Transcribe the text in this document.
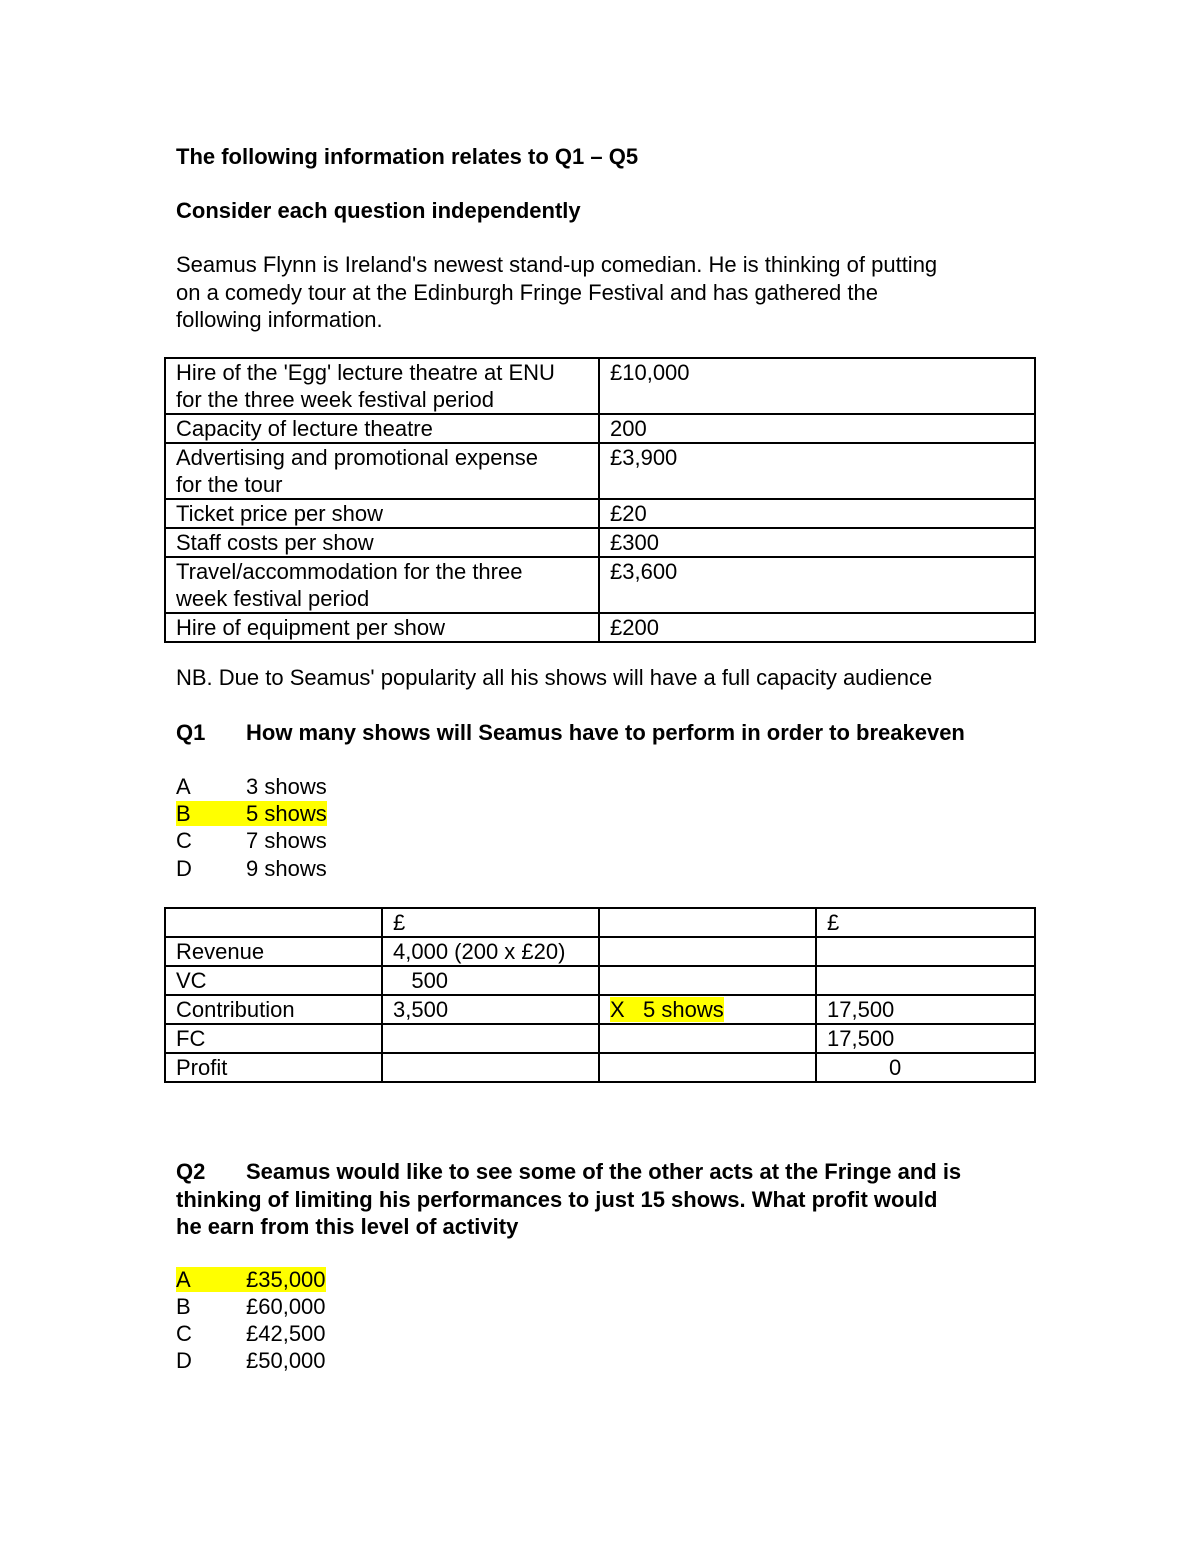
The following information relates to Q1 – Q5
Consider each question independently
Seamus Flynn is Ireland's newest stand-up comedian. He is thinking of putting
on a comedy tour at the Edinburgh Fringe Festival and has gathered the
following information.
Hire of the 'Egg' lecture theatre at ENU
for the three week festival period	£10,000
Capacity of lecture theatre	200
Advertising and promotional expense
for the tour	£3,900
Ticket price per show	£20
Staff costs per show	£300
Travel/accommodation for the three
week festival period	£3,600
Hire of equipment per show	£200
NB. Due to Seamus' popularity all his shows will have a full capacity audience
Q1 How many shows will Seamus have to perform in order to breakeven
A	3 shows
B	5 shows
C 7 shows
D 9 shows
	£		£
Revenue	4,000 (200 x £20)		
VC	500		
Contribution	3,500	X   5 shows	17,500
FC			17,500
Profit			0
Q2 Seamus would like to see some of the other acts at the Fringe and is
thinking of limiting his performances to just 15 shows. What profit would
he earn from this level of activity
A	£35,000
B	£60,000
C £42,500
D £50,000
